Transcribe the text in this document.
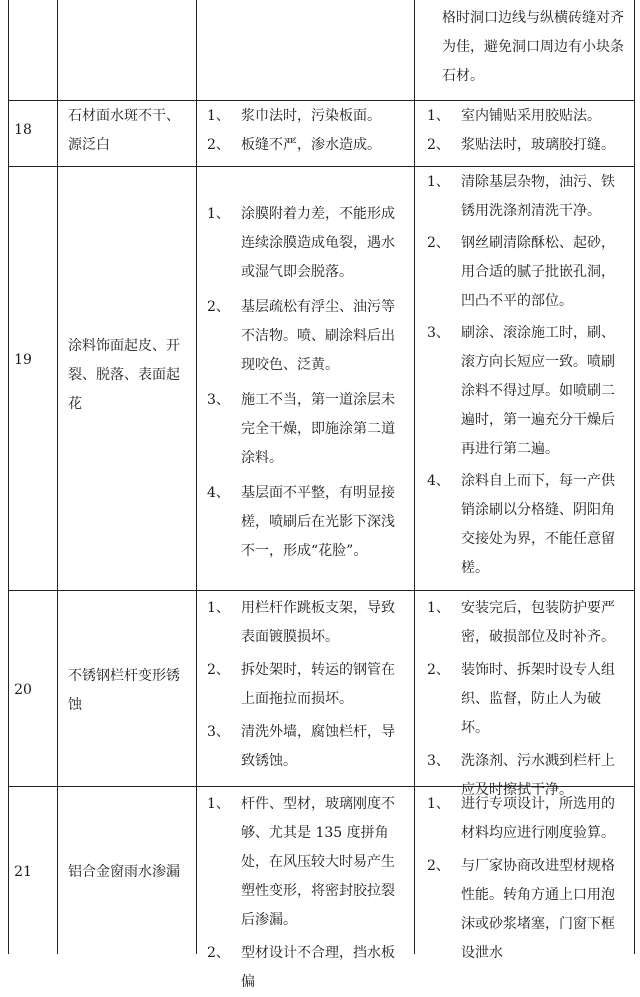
格时洞口边线与纵横砖缝对齐为佳，避免洞口周边有小块条石材。
18
石材面水斑不干、源泛白
1、 浆巾法时，污染板面。
2、 板缝不严，渗水造成。
1、 室内铺贴采用胶贴法。
2、 浆贴法时，玻璃胶打缝。
19
涂料饰面起皮、开裂、脱落、表面起花
1、 涂膜附着力差，不能形成连续涂膜造成龟裂，遇水或湿气即会脱落。
2、 基层疏松有浮尘、油污等不洁物。喷、刷涂料后出现咬色、泛黄。
3、 施工不当，第一道涂层未完全干燥，即施涂第二道涂料。
4、 基层面不平整，有明显接槎，喷刷后在光影下深浅不一，形成“花脸”。
1、 清除基层杂物，油污、铁锈用洗涤剂清洗干净。
2、 钢丝刷清除酥松、起砂，用合适的腻子批嵌孔洞，凹凸不平的部位。
3、 刷涂、滚涂施工时，刷、滚方向长短应一致。喷刷涂料不得过厚。如喷刷二遍时，第一遍充分干燥后再进行第二遍。
4、 涂料自上而下，每一产供销涂刷以分格缝、阴阳角交接处为界，不能任意留槎。
20
不锈钢栏杆变形锈蚀
1、 用栏杆作跳板支架，导致表面镀膜损坏。
2、 拆处架时，转运的钢管在上面拖拉而损坏。
3、 清洗外墙，腐蚀栏杆，导致锈蚀。
1、 安装完后，包装防护要严密，破损部位及时补齐。
2、 装饰时、拆架时设专人组织、监督，防止人为破坏。
3、 洗涤剂、污水溅到栏杆上应及时擦拭干净。
21	铝合金窗雨水渗漏
1、 杆件、型材，玻璃刚度不够、尤其是 135 度拼角处，在风压较大时易产生塑性变形，将密封胶拉裂后渗漏。
2、 型材设计不合理，挡水板偏
1、 进行专项设计，所选用的材料均应进行刚度验算。
2、 与厂家协商改进型材规格性能。转角方通上口用泡沫或砂浆堵塞，门窗下框设泄水
